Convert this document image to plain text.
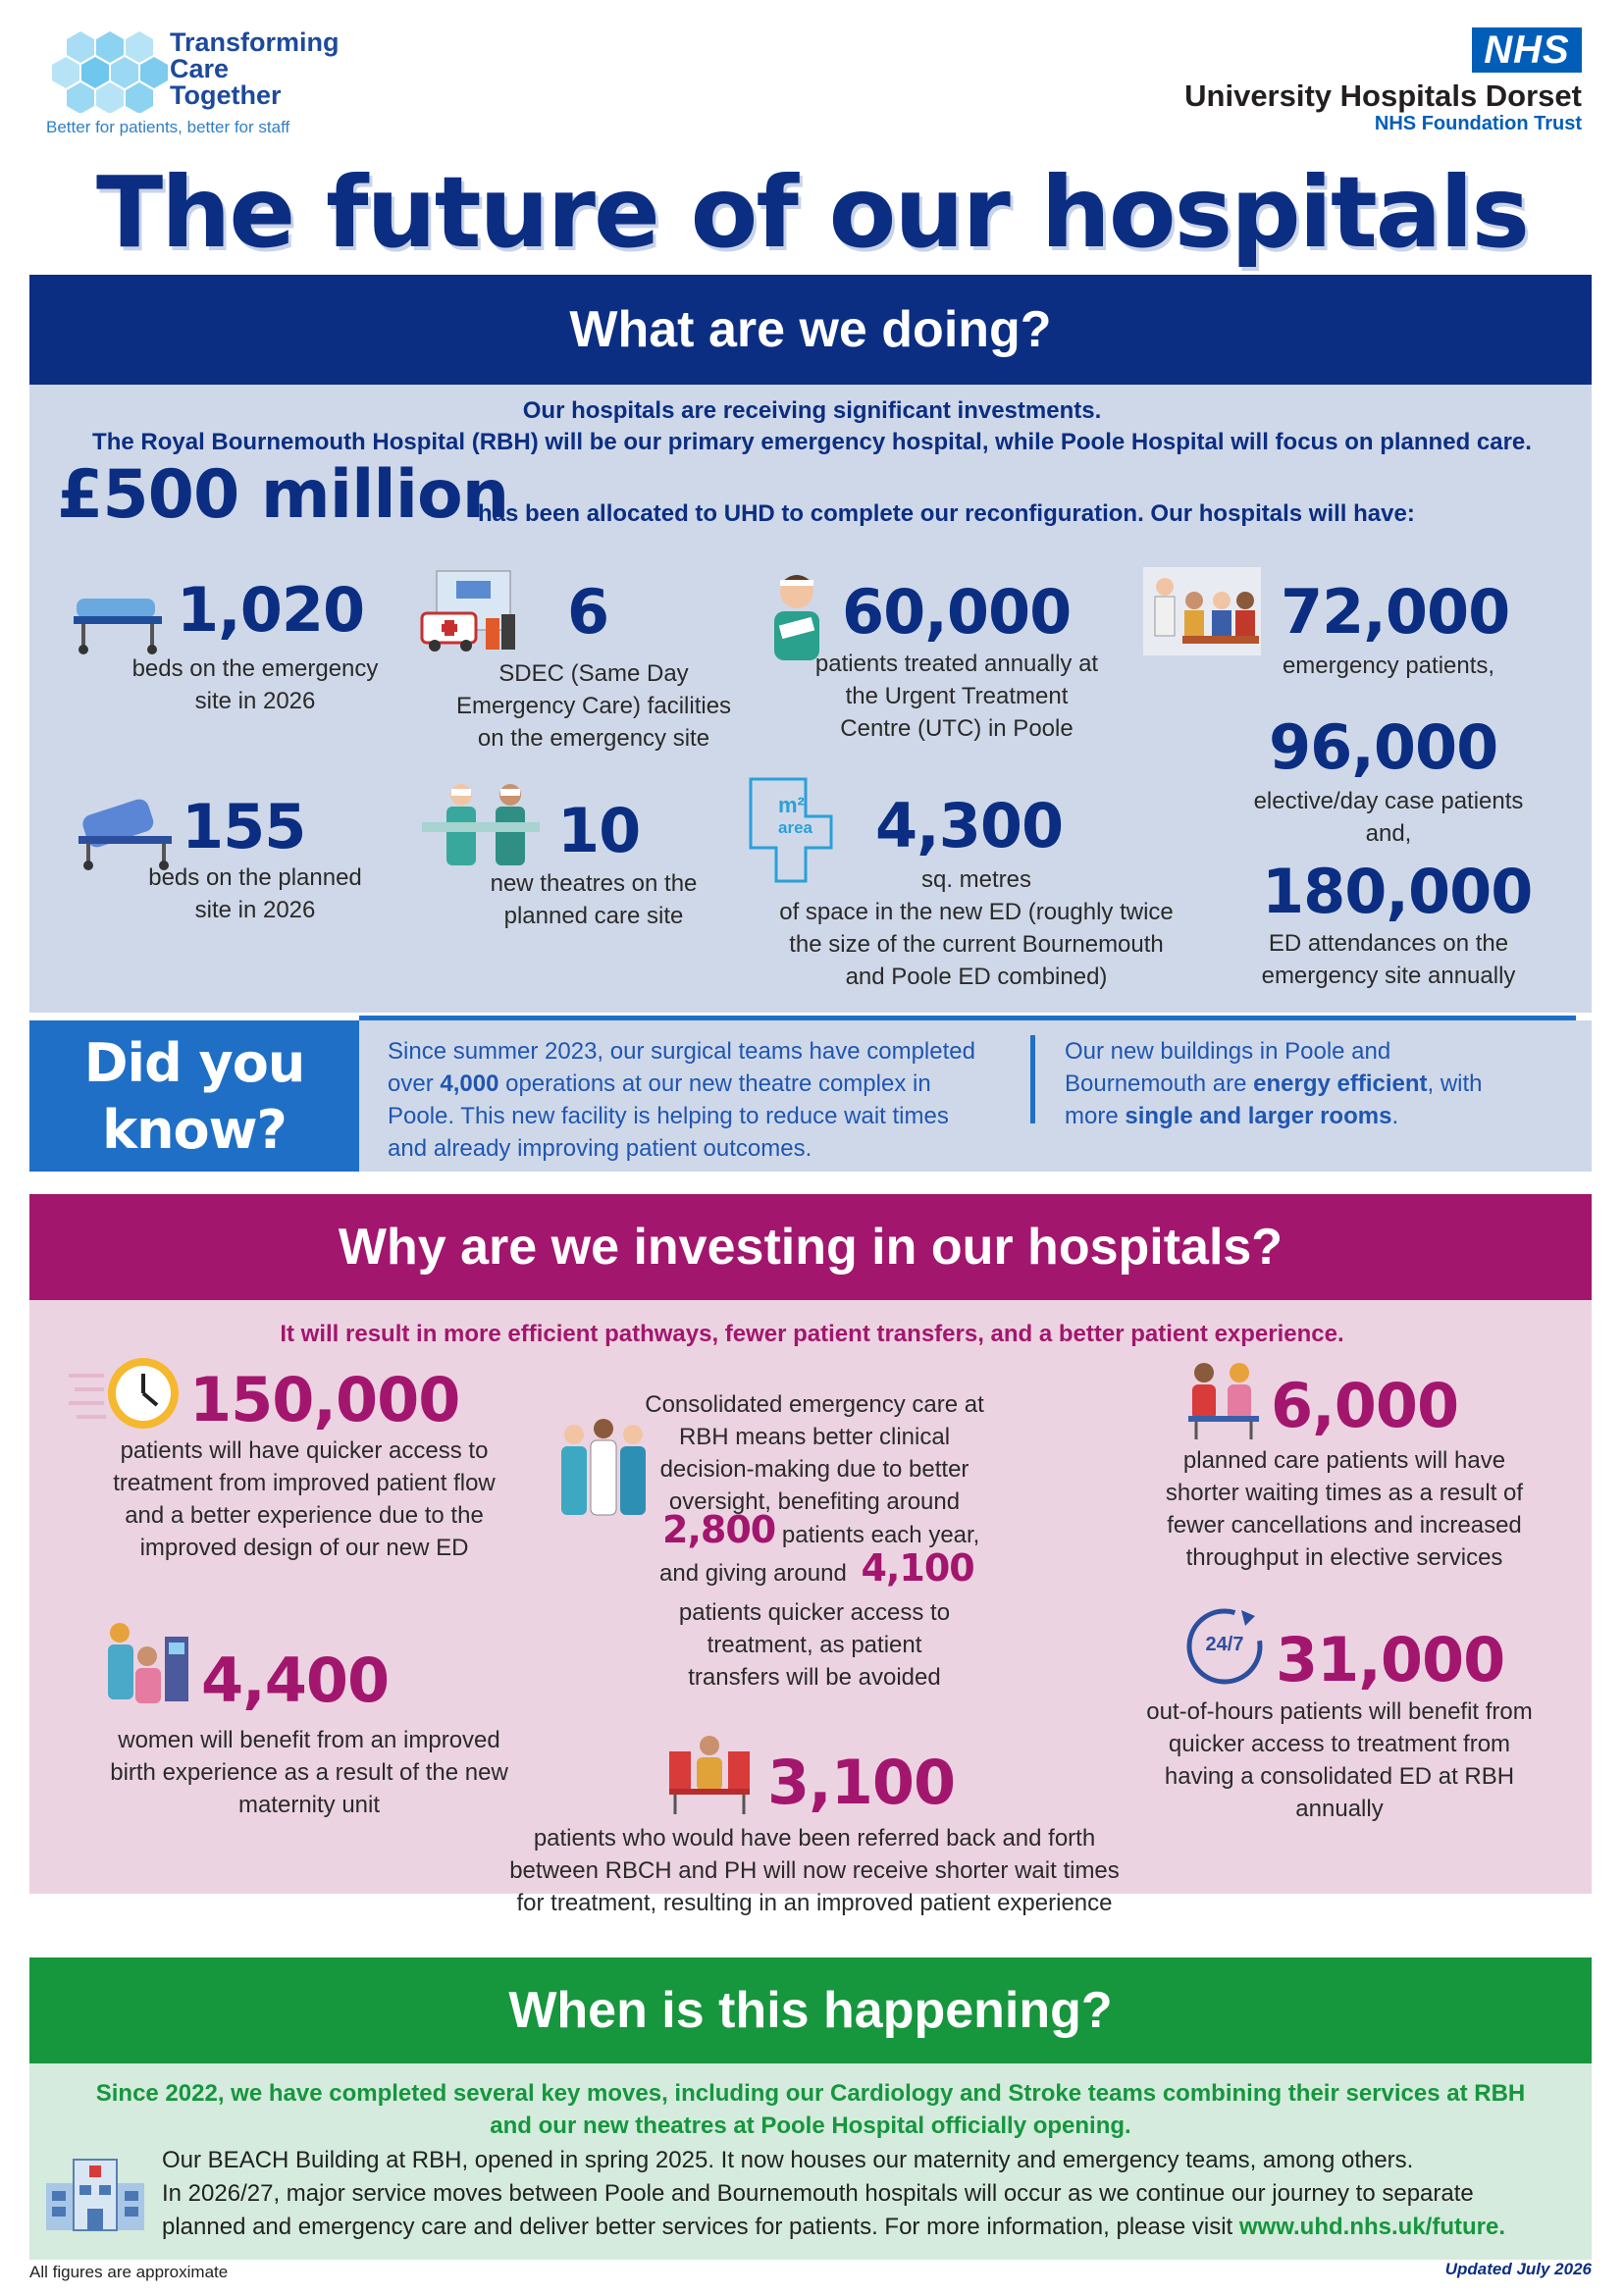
Transforming
Care
Together
Better for patients, better for staff
NHS
University Hospitals Dorset
NHS Foundation Trust
The future of our hospitals
What are we doing?
Our hospitals are receiving significant investments.
The Royal Bournemouth Hospital (RBH) will be our primary emergency hospital, while Poole Hospital will focus on planned care.
£500 million
has been allocated to UHD to complete our reconfiguration. Our hospitals will have:
m²
area
1,020
beds on the emergency
site in 2026
6
SDEC (Same Day
Emergency Care) facilities
on the emergency site
60,000
patients treated annually at
the Urgent Treatment
Centre (UTC) in Poole
72,000
emergency patients,
155
beds on the planned
site in 2026
10
new theatres on the
planned care site
4,300
sq. metres
of space in the new ED (roughly twice
the size of the current Bournemouth
and Poole ED combined)
96,000
elective/day case patients
and,
180,000
ED attendances on the
emergency site annually
Did you
know?
Since summer 2023, our surgical teams have completed
over 4,000 operations at our new theatre complex in
Poole. This new facility is helping to reduce wait times
and already improving patient outcomes.
Our new buildings in Poole and
Bournemouth are energy efficient, with
more single and larger rooms.
Why are we investing in our hospitals?
It will result in more efficient pathways, fewer patient transfers, and a better patient experience.
150,000
patients will have quicker access to
treatment from improved patient flow
and a better experience due to the
improved design of our new ED
4,400
women will benefit from an improved
birth experience as a result of the new
maternity unit
Consolidated emergency care at
RBH means better clinical
decision-making due to better
oversight, benefiting around
2,800 patients each year,
and giving around 4,100
patients quicker access to
treatment, as patient
transfers will be avoided
3,100
patients who would have been referred back and forth
between RBCH and PH will now receive shorter wait times
for treatment, resulting in an improved patient experience
6,000
planned care patients will have
shorter waiting times as a result of
fewer cancellations and increased
throughput in elective services
24/7 31,000
out-of-hours patients will benefit from
quicker access to treatment from
having a consolidated ED at RBH
annually
When is this happening?
Since 2022, we have completed several key moves, including our Cardiology and Stroke teams combining their services at RBH
and our new theatres at Poole Hospital officially opening.
Our BEACH Building at RBH, opened in spring 2025. It now houses our maternity and emergency teams, among others.
In 2026/27, major service moves between Poole and Bournemouth hospitals will occur as we continue our journey to separate
planned and emergency care and deliver better services for patients. For more information, please visit www.uhd.nhs.uk/future.
All figures are approximate	Updated July 2026
